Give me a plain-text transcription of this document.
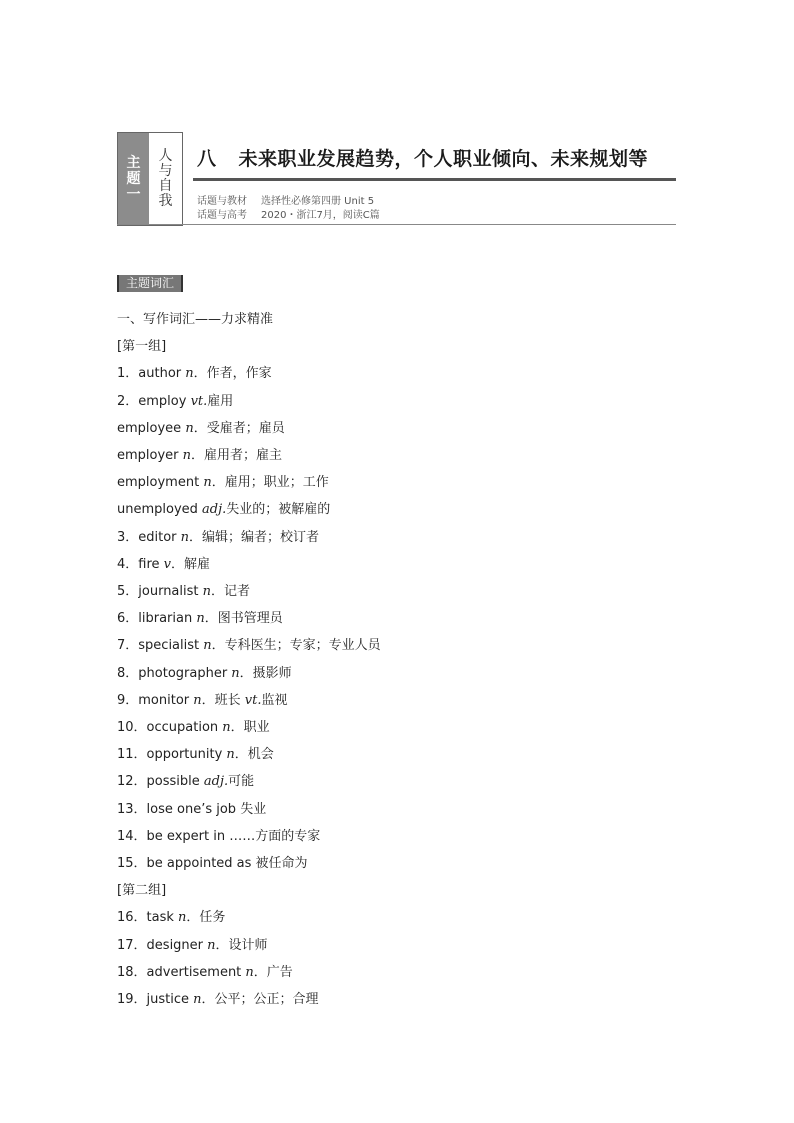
主
题
一
人
与
自
我
八 未来职业发展趋势，个人职业倾向、未来规划等
话题与教材 选择性必修第四册 Unit 5
话题与高考 2020・浙江7月，阅读C篇
主题词汇
一、写作词汇——力求精准
[第一组]
1．author n．作者，作家
2．employ vt.雇用
employee n．受雇者；雇员
employer n．雇用者；雇主
employment n．雇用；职业；工作
unemployed adj.失业的；被解雇的
3．editor n．编辑；编者；校订者
4．fire v．解雇
5．journalist n．记者
6．librarian n．图书管理员
7．specialist n．专科医生；专家；专业人员
8．photographer n．摄影师
9．monitor n．班长 vt.监视
10．occupation n．职业
11．opportunity n．机会
12．possible adj.可能
13．lose one’s job 失业
14．be expert in ……方面的专家
15．be appointed as 被任命为
[第二组]
16．task n．任务
17．designer n．设计师
18．advertisement n．广告
19．justice n．公平；公正；合理
